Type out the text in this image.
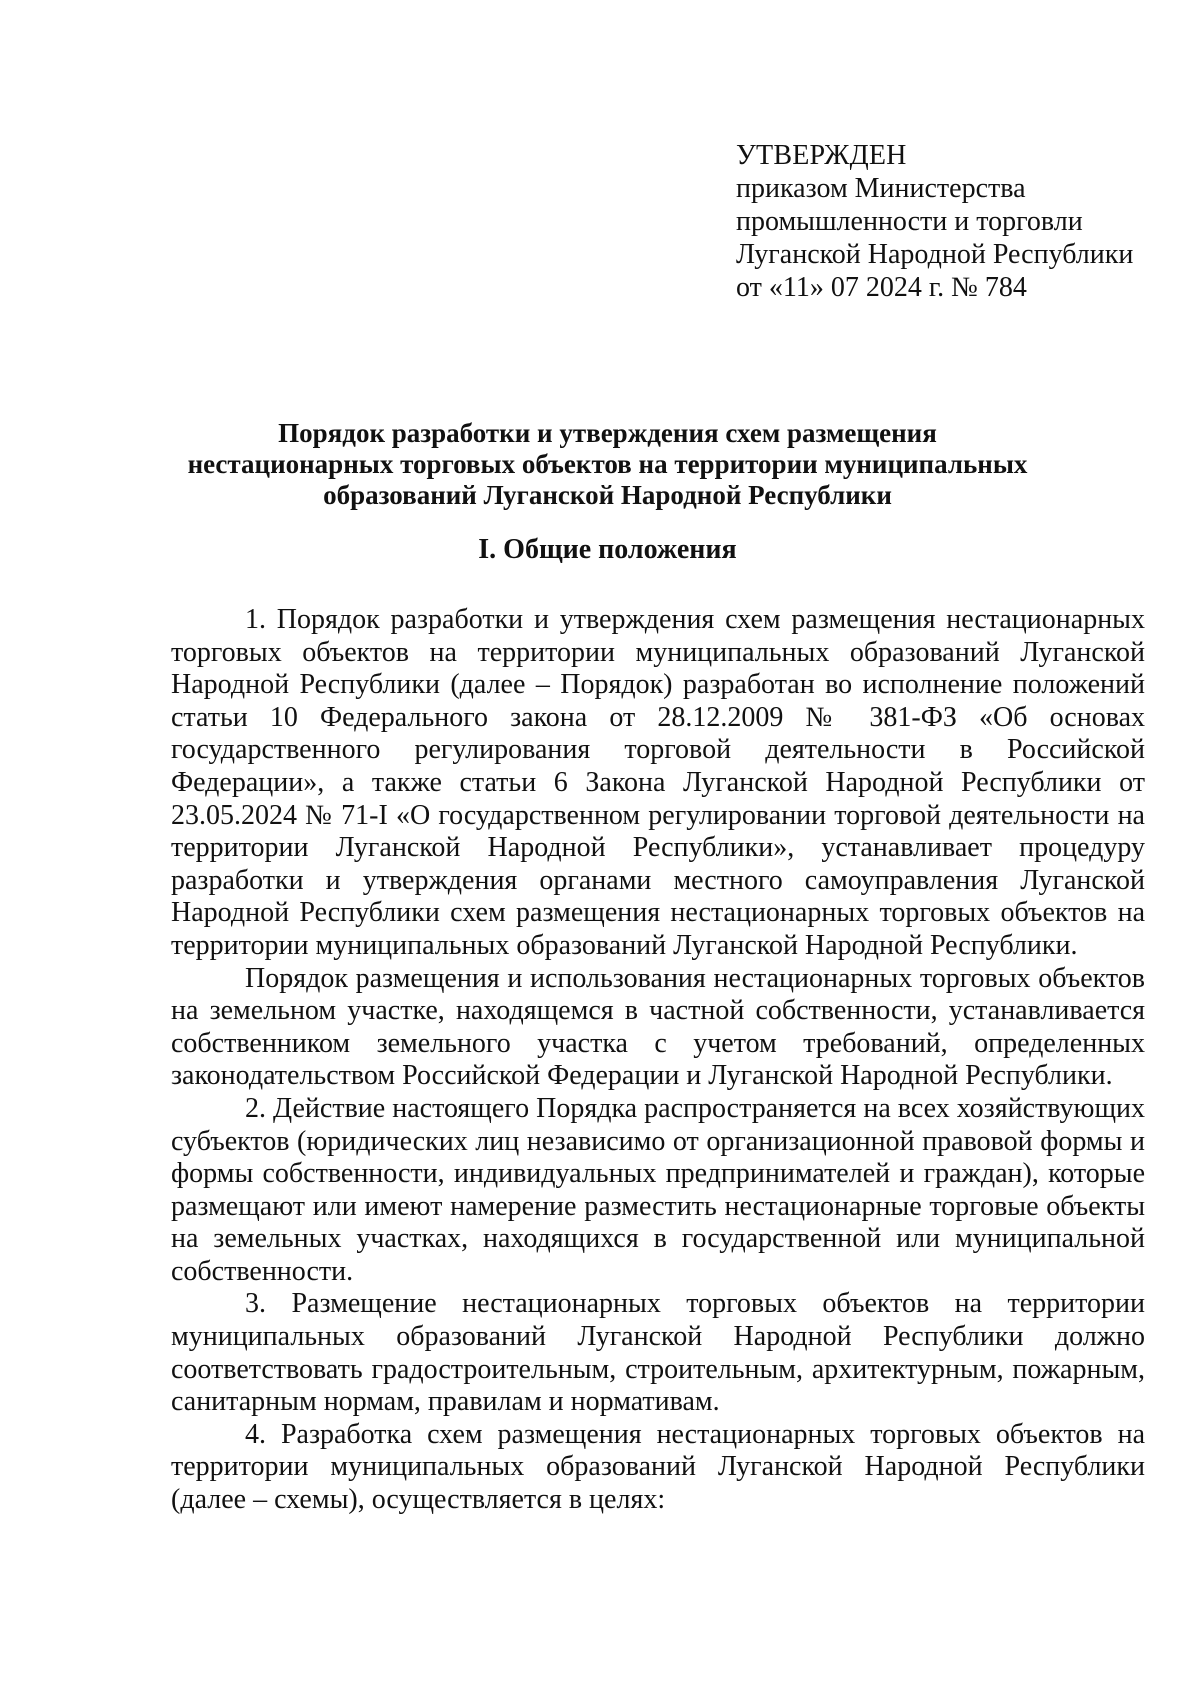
УТВЕРЖДЕН
приказом Министерства
промышленности и торговли
Луганской Народной Республики
от «11» 07 2024 г. № 784
Порядок разработки и утверждения схем размещения
нестационарных торговых объектов на территории муниципальных
образований Луганской Народной Республики
I. Общие положения

1. Порядок разработки и утверждения схем размещения нестационарных торговых объектов на территории муниципальных образований Луганской Народной Республики (далее – Порядок) разработан во исполнение положений статьи 10 Федерального закона от 28.12.2009 № 381-ФЗ «Об основах государственного регулирования торговой деятельности в Российской Федерации», а также статьи 6 Закона Луганской Народной Республики от 23.05.2024 № 71-I «О государственном регулировании торговой деятельности на территории Луганской Народной Республики», устанавливает процедуру разработки и утверждения органами местного самоуправления Луганской Народной Республики схем размещения нестационарных торговых объектов на территории муниципальных образований Луганской Народной Республики.

Порядок размещения и использования нестационарных торговых объектов на земельном участке, находящемся в частной собственности, устанавливается собственником земельного участка с учетом требований, определенных законодательством Российской Федерации и Луганской Народной Республики.

2. Действие настоящего Порядка распространяется на всех хозяйствующих субъектов (юридических лиц независимо от организационной правовой формы и формы собственности, индивидуальных предпринимателей и граждан), которые размещают или имеют намерение разместить нестационарные торговые объекты на земельных участках, находящихся в государственной или муниципальной собственности.

3. Размещение нестационарных торговых объектов на территории муниципальных образований Луганской Народной Республики должно соответствовать градостроительным, строительным, архитектурным, пожарным, санитарным нормам, правилам и нормативам.

4. Разработка схем размещения нестационарных торговых объектов на территории муниципальных образований Луганской Народной Республики (далее – схемы), осуществляется в целях:
